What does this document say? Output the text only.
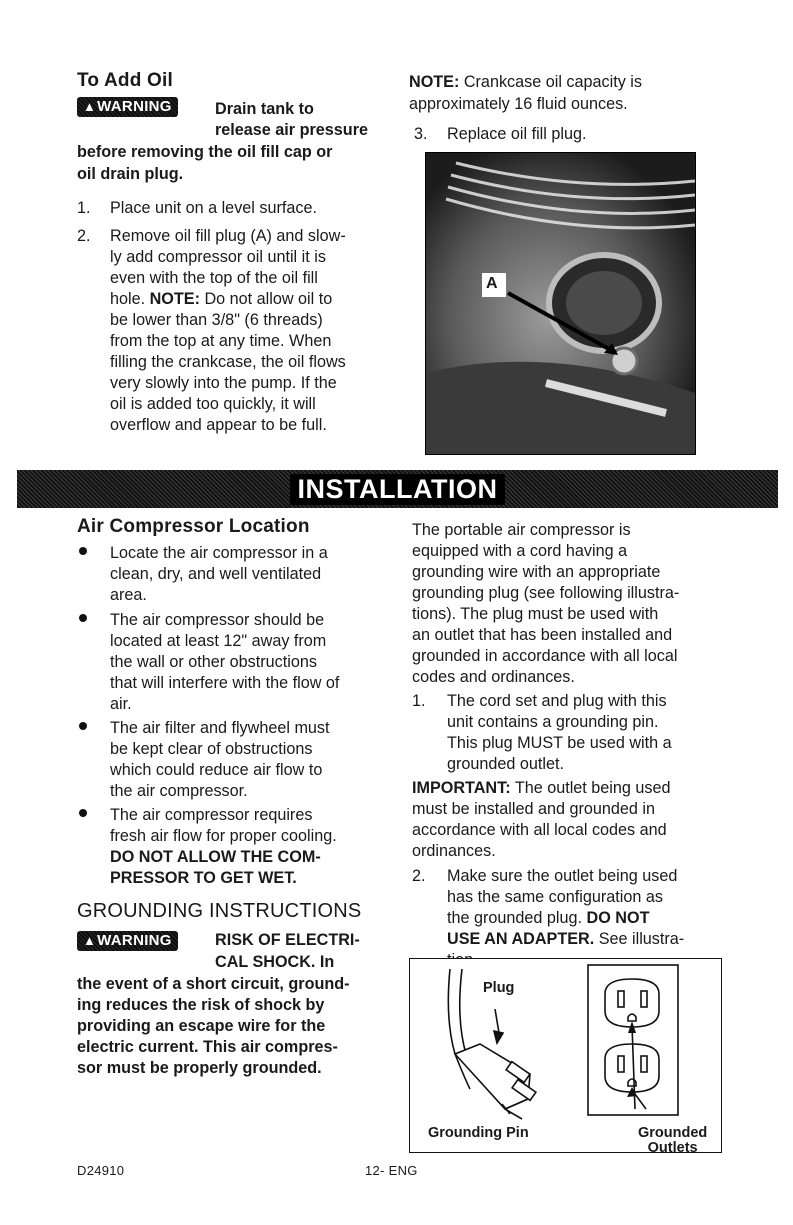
To Add Oil
▲WARNING	Drain tank to
release air pressure
before removing the oil fill cap or
oil drain plug.
1.	Place unit on a level surface.
2.	Remove oil fill plug (A) and slow-
ly add compressor oil until it is
even with the top of the oil fill
hole. NOTE: Do not allow oil to
be lower than 3/8" (6 threads)
from the top at any time. When
filling the crankcase, the oil flows
very slowly into the pump. If the
oil is added too quickly, it will
overflow and appear to be full.
NOTE: Crankcase oil capacity is
approximately 16 fluid ounces.
3.	Replace oil fill plug.
A
INSTALLATION
Air Compressor Location
Locate the air compressor in a
clean, dry, and well ventilated
area.
The air compressor should be
located at least 12" away from
the wall or other obstructions
that will interfere with the flow of
air.
The air filter and flywheel must
be kept clear of obstructions
which could reduce air flow to
the air compressor.
The air compressor requires
fresh air flow for proper cooling.
DO NOT ALLOW THE COM-
PRESSOR TO GET WET.
GROUNDING INSTRUCTIONS
▲WARNING	RISK OF ELECTRI-
CAL SHOCK. In
the event of a short circuit, ground-
ing reduces the risk of shock by
providing an escape wire for the
electric current. This air compres-
sor must be properly grounded.
The portable air compressor is
equipped with a cord having a
grounding wire with an appropriate
grounding plug (see following illustra-
tions). The plug must be used with
an outlet that has been installed and
grounded in accordance with all local
codes and ordinances.
1.	The cord set and plug with this
unit contains a grounding pin.
This plug MUST be used with a
grounded outlet.
IMPORTANT: The outlet being used
must be installed and grounded in
accordance with all local codes and
ordinances.
2.	Make sure the outlet being used
has the same configuration as
the grounded plug. DO NOT
USE AN ADAPTER. See illustra-
Plug
Grounding Pin	Grounded
Outlets
D24910	12- ENG
